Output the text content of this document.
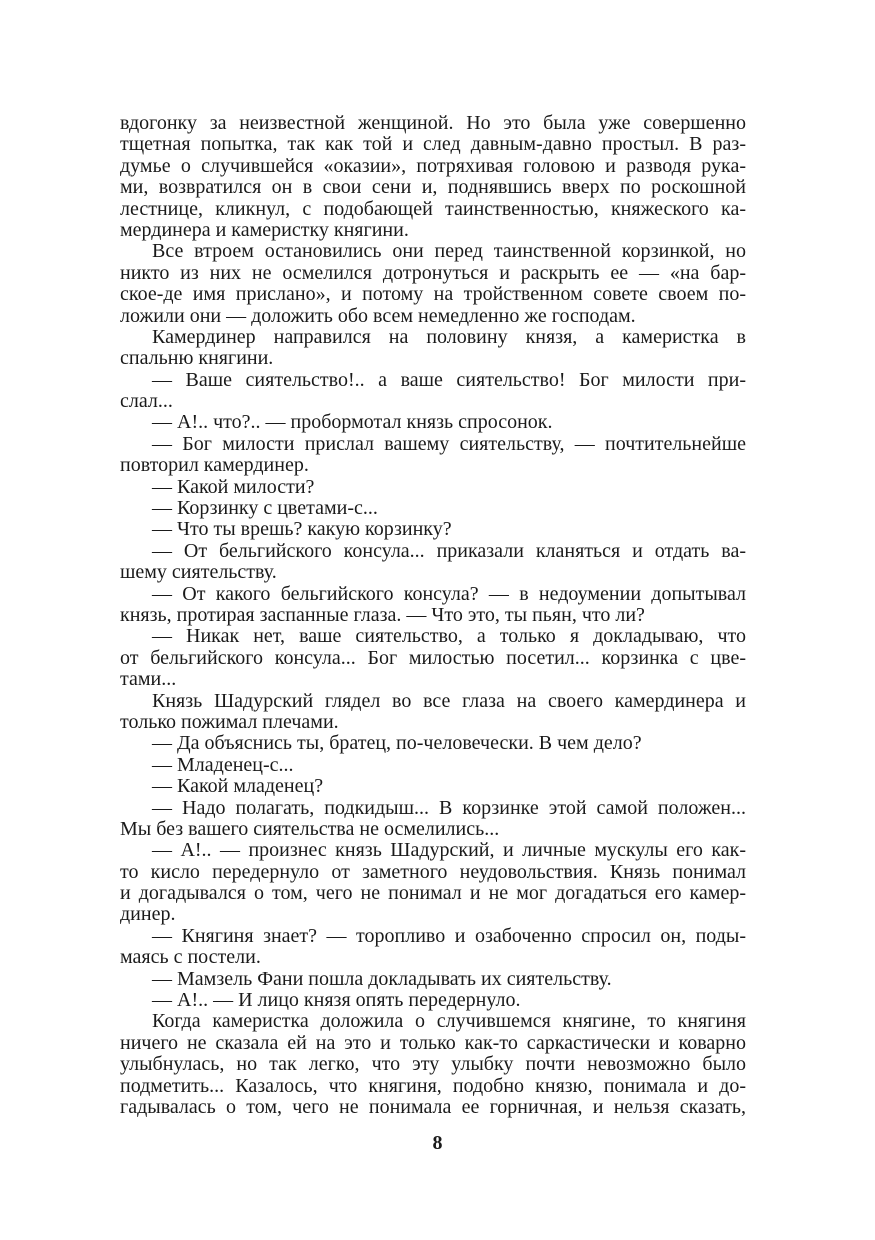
вдогонку за неизвестной женщиной. Но это была уже совершенно
тщетная попытка, так как той и след давным-давно простыл. В раз-
думье о случившейся «оказии», потряхивая головою и разводя рука-
ми, возвратился он в свои сени и, поднявшись вверх по роскошной
лестнице, кликнул, с подобающей таинственностью, княжеского ка-
мердинера и камеристку княгини.
Все втроем остановились они перед таинственной корзинкой, но
никто из них не осмелился дотронуться и раскрыть ее — «на бар-
ское-де имя прислано», и потому на тройственном совете своем по-
ложили они — доложить обо всем немедленно же господам.
Камердинер направился на половину князя, а камеристка в
спальню княгини.
— Ваше сиятельство!.. а ваше сиятельство! Бог милости при-
слал...
— А!.. что?.. — пробормотал князь спросонок.
— Бог милости прислал вашему сиятельству, — почтительнейше
повторил камердинер.
— Какой милости?
— Корзинку с цветами-с...
— Что ты врешь? какую корзинку?
— От бельгийского консула... приказали кланяться и отдать ва-
шему сиятельству.
— От какого бельгийского консула? — в недоумении допытывал
князь, протирая заспанные глаза. — Что это, ты пьян, что ли?
— Никак нет, ваше сиятельство, а только я докладываю, что
от бельгийского консула... Бог милостью посетил... корзинка с цве-
тами...
Князь Шадурский глядел во все глаза на своего камердинера и
только пожимал плечами.
— Да объяснись ты, братец, по-человечески. В чем дело?
— Младенец-с...
— Какой младенец?
— Надо полагать, подкидыш... В корзинке этой самой положен...
Мы без вашего сиятельства не осмелились...
— А!.. — произнес князь Шадурский, и личные мускулы его как-
то кисло передернуло от заметного неудовольствия. Князь понимал
и догадывался о том, чего не понимал и не мог догадаться его камер-
динер.
— Княгиня знает? — торопливо и озабоченно спросил он, поды-
маясь с постели.
— Мамзель Фани пошла докладывать их сиятельству.
— А!.. — И лицо князя опять передернуло.
Когда камеристка доложила о случившемся княгине, то княгиня
ничего не сказала ей на это и только как-то саркастически и коварно
улыбнулась, но так легко, что эту улыбку почти невозможно было
подметить... Казалось, что княгиня, подобно князю, понимала и до-
гадывалась о том, чего не понимала ее горничная, и нельзя сказать,
8
